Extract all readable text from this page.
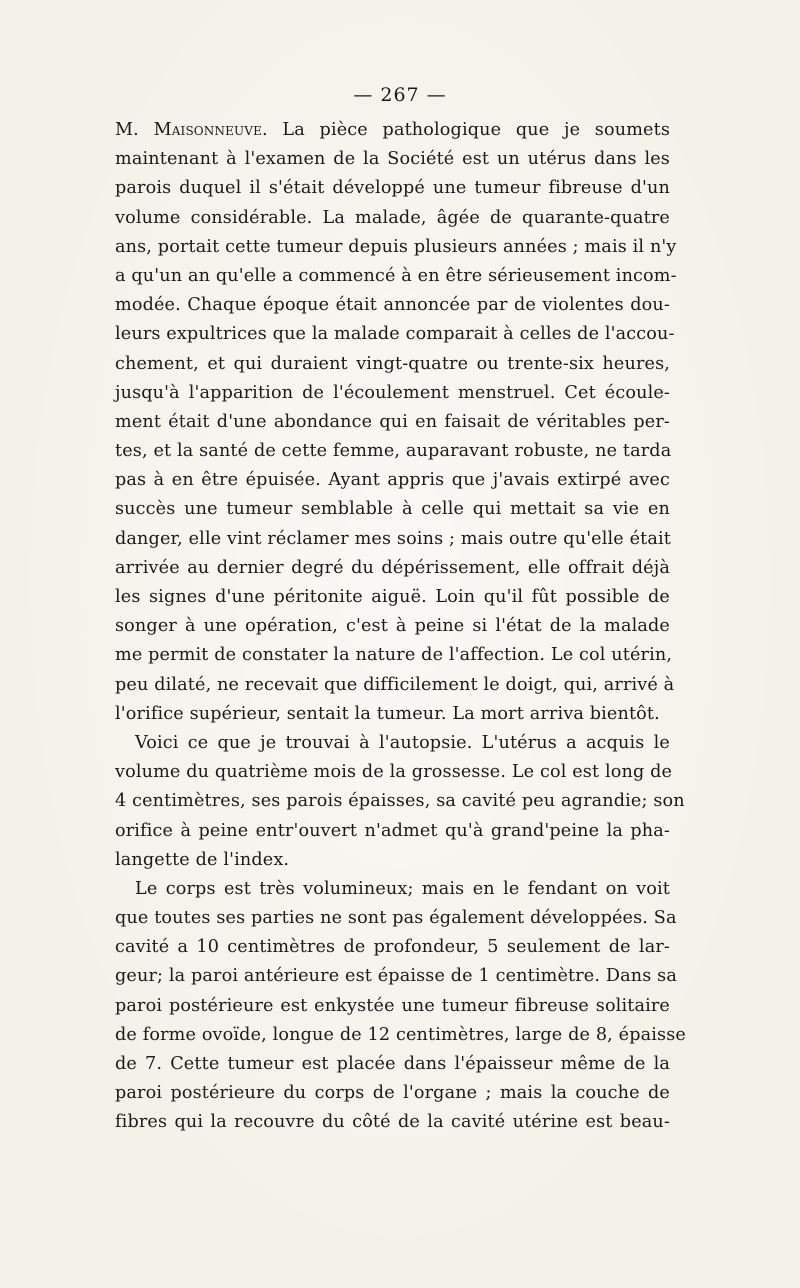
— 267 —
M. Maisonneuve. La pièce pathologique que je soumets
maintenant à l'examen de la Société est un utérus dans les
parois duquel il s'était développé une tumeur fibreuse d'un
volume considérable. La malade, âgée de quarante-quatre
ans, portait cette tumeur depuis plusieurs années ; mais il n'y
a qu'un an qu'elle a commencé à en être sérieusement incom-
modée. Chaque époque était annoncée par de violentes dou-
leurs expultrices que la malade comparait à celles de l'accou-
chement, et qui duraient vingt-quatre ou trente-six heures,
jusqu'à l'apparition de l'écoulement menstruel. Cet écoule-
ment était d'une abondance qui en faisait de véritables per-
tes, et la santé de cette femme, auparavant robuste, ne tarda
pas à en être épuisée. Ayant appris que j'avais extirpé avec
succès une tumeur semblable à celle qui mettait sa vie en
danger, elle vint réclamer mes soins ; mais outre qu'elle était
arrivée au dernier degré du dépérissement, elle offrait déjà
les signes d'une péritonite aiguë. Loin qu'il fût possible de
songer à une opération, c'est à peine si l'état de la malade
me permit de constater la nature de l'affection. Le col utérin,
peu dilaté, ne recevait que difficilement le doigt, qui, arrivé à
l'orifice supérieur, sentait la tumeur. La mort arriva bientôt.
Voici ce que je trouvai à l'autopsie. L'utérus a acquis le
volume du quatrième mois de la grossesse. Le col est long de
4 centimètres, ses parois épaisses, sa cavité peu agrandie; son
orifice à peine entr'ouvert n'admet qu'à grand'peine la pha-
langette de l'index.
Le corps est très volumineux; mais en le fendant on voit
que toutes ses parties ne sont pas également développées. Sa
cavité a 10 centimètres de profondeur, 5 seulement de lar-
geur; la paroi antérieure est épaisse de 1 centimètre. Dans sa
paroi postérieure est enkystée une tumeur fibreuse solitaire
de forme ovoïde, longue de 12 centimètres, large de 8, épaisse
de 7. Cette tumeur est placée dans l'épaisseur même de la
paroi postérieure du corps de l'organe ; mais la couche de
fibres qui la recouvre du côté de la cavité utérine est beau-
